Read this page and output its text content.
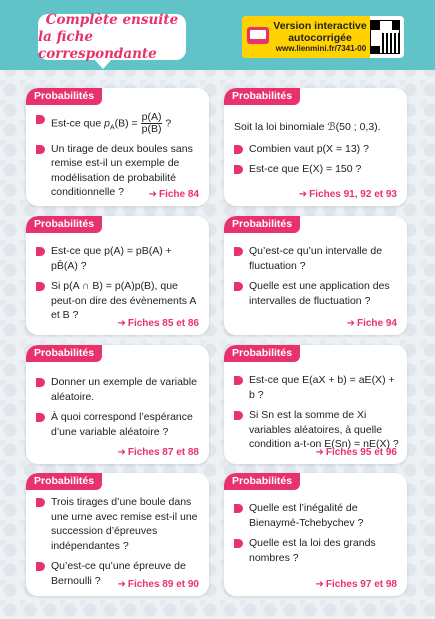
Complète ensuite
la fiche correspondante
Version interactive
autocorrigée
www.lienmini.fr/7341-00
Probabilités
Est-ce que $p_A(B) = \frac{p(A)}{p(B)}$ ?
Un tirage de deux boules sans remise est-il un exemple de modélisation de probabilité conditionnelle ?	➜ Fiche 84
Probabilités
Soit la loi binomiale ℬ(50 ; 0,3).
Combien vaut p(X = 13) ?
Est-ce que E(X) = 150 ?
➜ Fiches 91, 92 et 93
Probabilités
Est-ce que p(A) = pB(A) + pB̄(A) ?
Si p(A ∩ B) = p(A)p(B), que peut-on dire des évènements A et B ?
➜ Fiches 85 et 86
Probabilités
Qu’est-ce qu’un intervalle de fluctuation ?
Quelle est une application des intervalles de fluctuation ?
➜ Fiche 94
Probabilités
Donner un exemple de variable aléatoire.
À quoi correspond l’espérance d’une variable aléatoire ?
➜ Fiches 87 et 88
Probabilités
Est-ce que E(aX + b) = aE(X) + b ?
Si Sn est la somme de Xi variables aléatoires, à quelle condition a-t-on E(Sn) = nE(X) ?
➜ Fiches 95 et 96
Probabilités
Trois tirages d’une boule dans une urne avec remise est-il une succession d’épreuves indépendantes ?
Qu’est-ce qu’une épreuve de Bernoulli ?	➜ Fiches 89 et 90
Probabilités
Quelle est l’inégalité de Bienaymé-Tchebychev ?
Quelle est la loi des grands nombres ?
➜ Fiches 97 et 98
